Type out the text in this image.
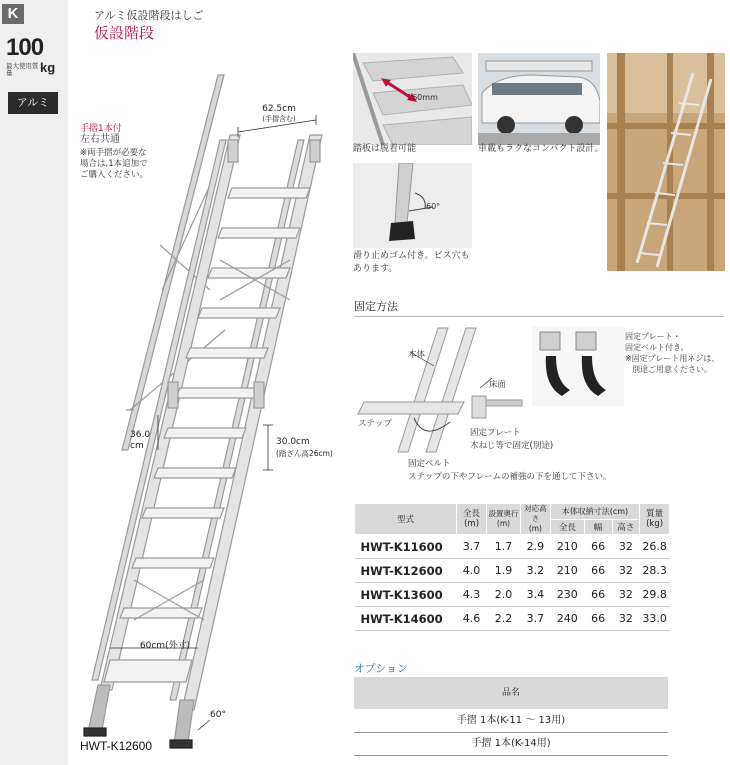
K
100
最大使用質量	kg
アルミ
アルミ仮設階段はしご
仮設階段
手摺1本付
左右共通
※両手摺が必要な
場合は,1本追加で
ご購入ください。
62.5cm
(手摺含む)
30.0cm
(踏ざん高26cm)
36.0
cm
60cm(外寸)
60°
HWT-K12600
160mm
踏板は脱着可能	車載もラクなコンパクト設計。
60°
滑り止めゴム付き。ビス穴も
あります。
固定方法
本体
床面
ステップ
固定プレート
木ねじ等で固定(別途)
固定ベルト
ステップの下やフレームの補強の下を通して下さい。
固定プレート・
固定ベルト付き。
※固定プレート用ネジは、
別途ご用意ください。
型式	全長
(m)	設置奥行
(m)	対応高さ
(m)	本体収納寸法(cm)			質量
(kg)
				全長	幅	高さ	
HWT-K11600	3.7	1.7	2.9	210	66	32	26.8
HWT-K12600	4.0	1.9	3.2	210	66	32	28.3
HWT-K13600	4.3	2.0	3.4	230	66	32	29.8
HWT-K14600	4.6	2.2	3.7	240	66	32	33.0
オプション
品名
手摺 1本(K-11 ～ 13用)
手摺 1本(K-14用)
